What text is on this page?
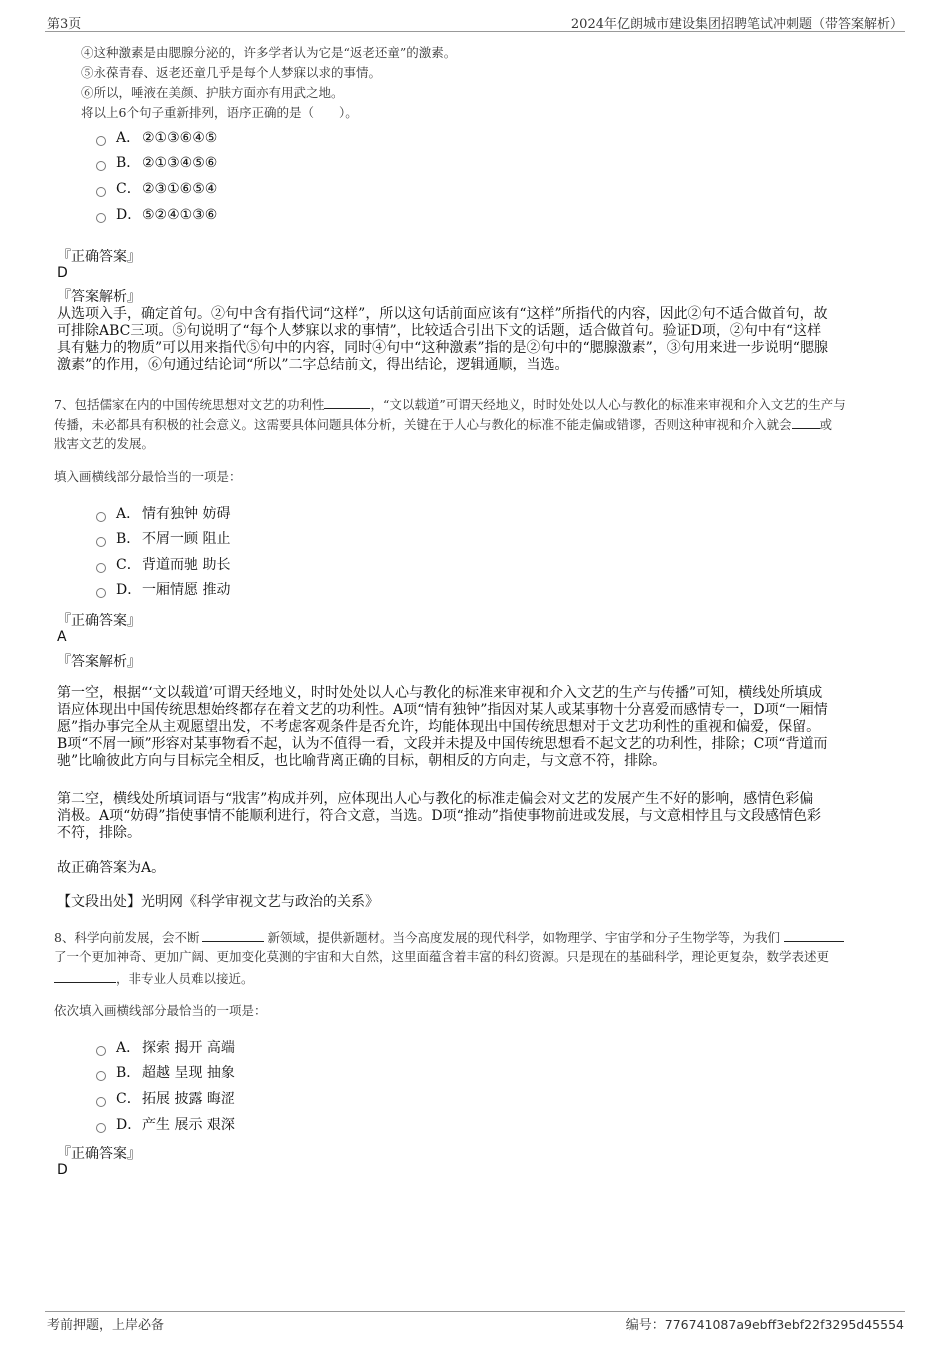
第3页	2024年亿朗城市建设集团招聘笔试冲刺题（带答案解析）
④这种激素是由腮腺分泌的，许多学者认为它是“返老还童”的激素。
⑤永葆青春、返老还童几乎是每个人梦寐以求的事情。
⑥所以，唾液在美颜、护肤方面亦有用武之地。
将以上6个句子重新排列，语序正确的是（　　）。
A． ②①③⑥④⑤
B． ②①③④⑤⑥
C． ②③①⑥⑤④
D． ⑤②④①③⑥
『正确答案』
D
『答案解析』
从选项入手，确定首句。②句中含有指代词“这样”，所以这句话前面应该有“这样”所指代的内容，因此②句不适合做首句，故
可排除ABC三项。⑤句说明了“每个人梦寐以求的事情”，比较适合引出下文的话题，适合做首句。验证D项，②句中有“这样
具有魅力的物质”可以用来指代⑤句中的内容，同时④句中“这种激素”指的是②句中的“腮腺激素”，③句用来进一步说明“腮腺
激素”的作用，⑥句通过结论词“所以”二字总结前文，得出结论，逻辑通顺，当选。
7、包括儒家在内的中国传统思想对文艺的功利性	，“文以载道”可谓天经地义，时时处处以人心与教化的标准来审视和介入文艺的生产与
传播，未必都具有积极的社会意义。这需要具体问题具体分析，关键在于人心与教化的标准不能走偏或错谬，否则这种审视和介入就会 或
戕害文艺的发展。
填入画横线部分最恰当的一项是：
A． 情有独钟 妨碍
B． 不屑一顾 阻止
C． 背道而驰 助长
D． 一厢情愿 推动
『正确答案』
A
『答案解析』
第一空，根据“‘文以载道’可谓天经地义，时时处处以人心与教化的标准来审视和介入文艺的生产与传播”可知，横线处所填成
语应体现出中国传统思想始终都存在着文艺的功利性。A项“情有独钟”指因对某人或某事物十分喜爱而感情专一，D项“一厢情
愿”指办事完全从主观愿望出发，不考虑客观条件是否允许，均能体现出中国传统思想对于文艺功利性的重视和偏爱，保留。
B项“不屑一顾”形容对某事物看不起，认为不值得一看，文段并未提及中国传统思想看不起文艺的功利性，排除；C项“背道而
驰”比喻彼此方向与目标完全相反，也比喻背离正确的目标，朝相反的方向走，与文意不符，排除。
第二空，横线处所填词语与“戕害”构成并列，应体现出人心与教化的标准走偏会对文艺的发展产生不好的影响，感情色彩偏
消极。A项“妨碍”指使事情不能顺利进行，符合文意，当选。D项“推动”指使事物前进或发展，与文意相悖且与文段感情色彩
不符，排除。
故正确答案为A。
【文段出处】光明网《科学审视文艺与政治的关系》
8、科学向前发展，会不断	新领域，提供新题材。当今高度发展的现代科学，如物理学、宇宙学和分子生物学等，为我们
了一个更加神奇、更加广阔、更加变化莫测的宇宙和大自然，这里面蕴含着丰富的科幻资源。只是现在的基础科学，理论更复杂，数学表述更
，非专业人员难以接近。
依次填入画横线部分最恰当的一项是：
A． 探索 揭开 高端
B． 超越 呈现 抽象
C． 拓展 披露 晦涩
D． 产生 展示 艰深
『正确答案』
D
考前押题，上岸必备	编号：776741087a9ebff3ebf22f3295d45554
